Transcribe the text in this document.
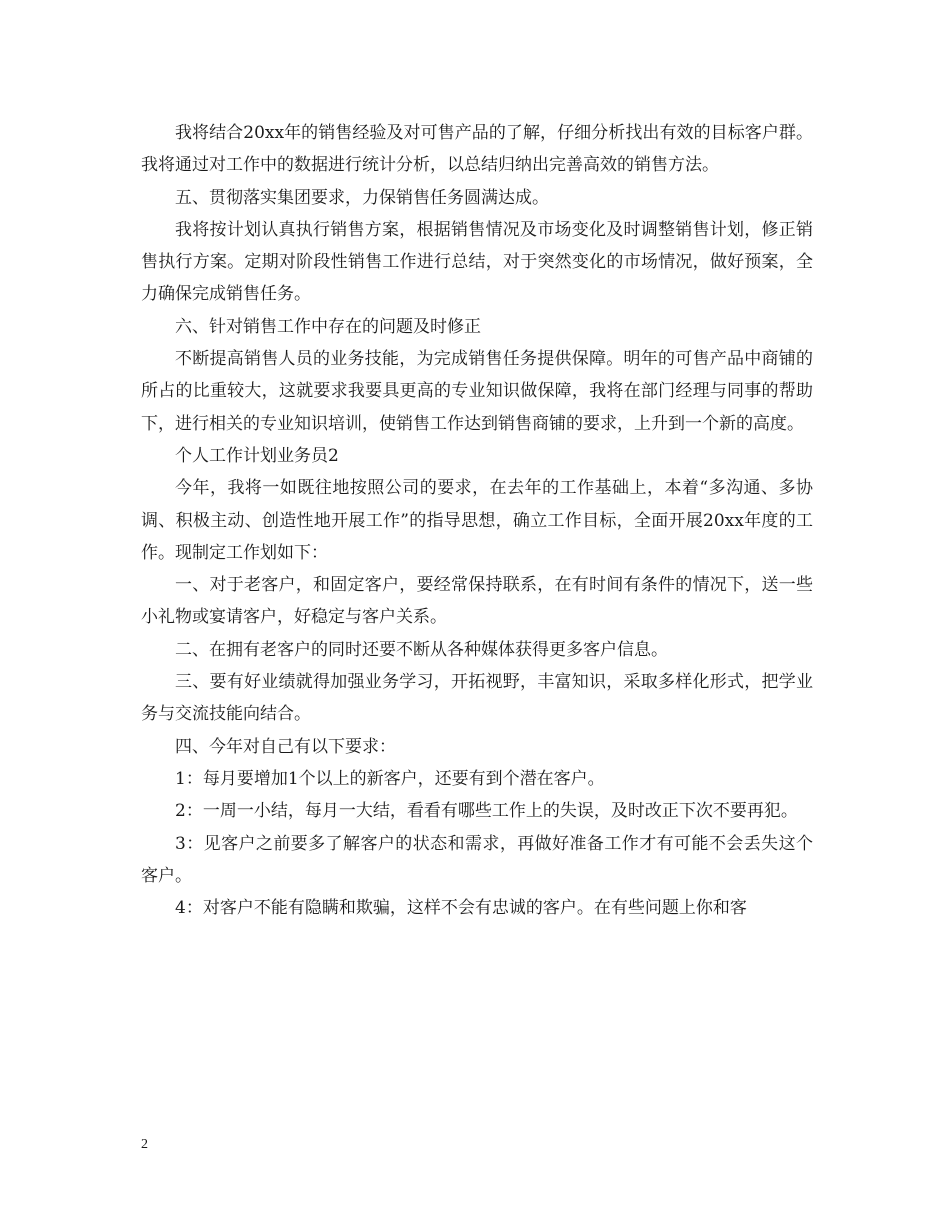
我将结合20xx年的销售经验及对可售产品的了解，仔细分析找出有效的目标客户群。我将通过对工作中的数据进行统计分析，以总结归纳出完善高效的销售方法。

五、贯彻落实集团要求，力保销售任务圆满达成。

我将按计划认真执行销售方案，根据销售情况及市场变化及时调整销售计划，修正销售执行方案。定期对阶段性销售工作进行总结，对于突然变化的市场情况，做好预案，全力确保完成销售任务。

六、针对销售工作中存在的问题及时修正

不断提高销售人员的业务技能，为完成销售任务提供保障。明年的可售产品中商铺的所占的比重较大，这就要求我要具更高的专业知识做保障，我将在部门经理与同事的帮助下，进行相关的专业知识培训，使销售工作达到销售商铺的要求，上升到一个新的高度。

个人工作计划业务员2

今年，我将一如既往地按照公司的要求，在去年的工作基础上，本着“多沟通、多协调、积极主动、创造性地开展工作”的指导思想，确立工作目标，全面开展20xx年度的工作。现制定工作划如下：

一、对于老客户，和固定客户，要经常保持联系，在有时间有条件的情况下，送一些小礼物或宴请客户，好稳定与客户关系。

二、在拥有老客户的同时还要不断从各种媒体获得更多客户信息。

三、要有好业绩就得加强业务学习，开拓视野，丰富知识，采取多样化形式，把学业务与交流技能向结合。

四、今年对自己有以下要求：

1：每月要增加1个以上的新客户，还要有到个潜在客户。

2：一周一小结，每月一大结，看看有哪些工作上的失误，及时改正下次不要再犯。

3：见客户之前要多了解客户的状态和需求，再做好准备工作才有可能不会丢失这个客户。

4：对客户不能有隐瞒和欺骗，这样不会有忠诚的客户。在有些问题上你和客

2
